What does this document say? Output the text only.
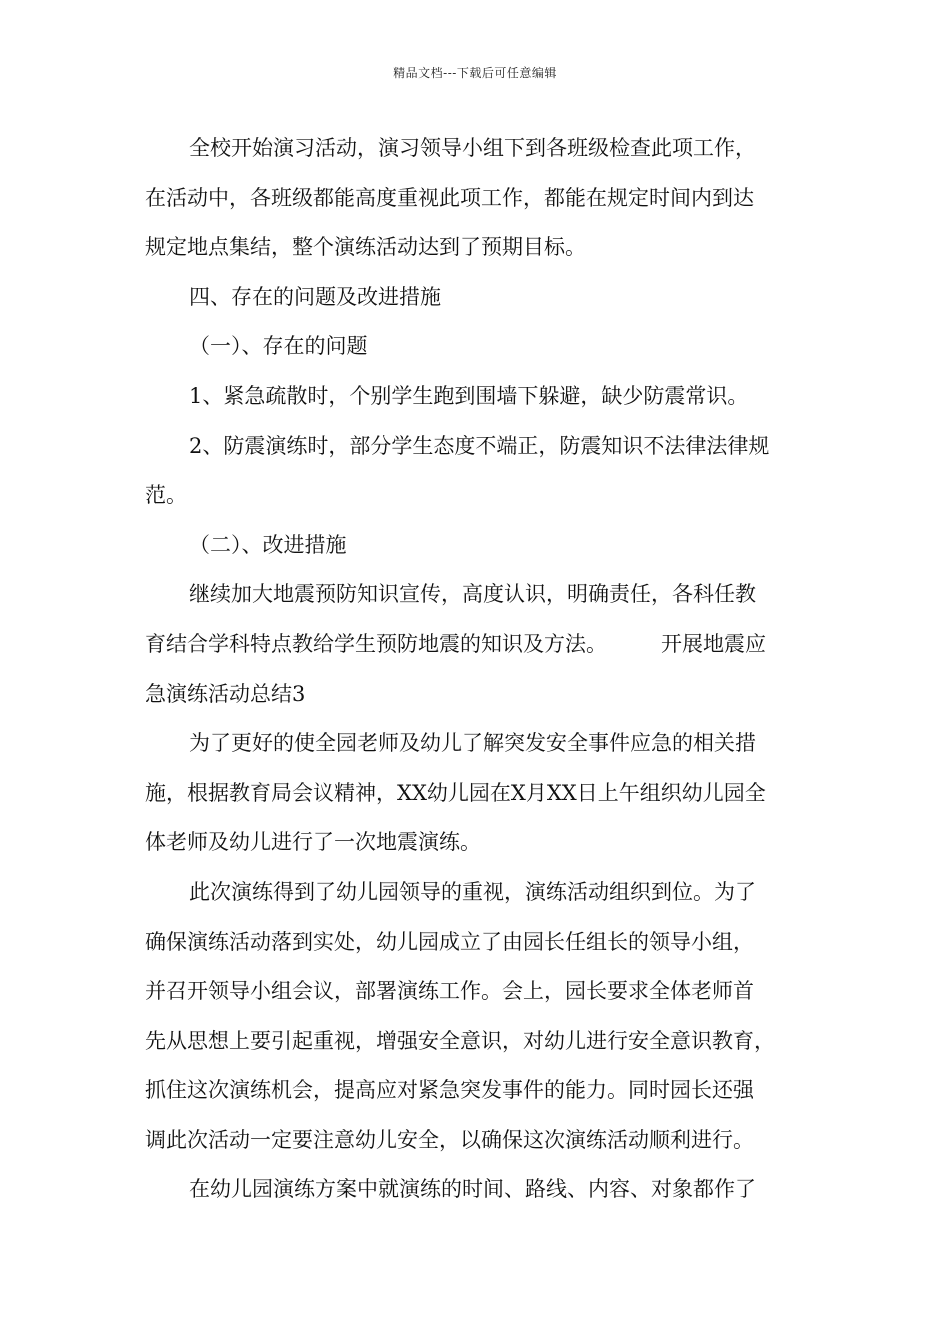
精品文档---下载后可任意编辑
全校开始演习活动，演习领导小组下到各班级检查此项工作，
在活动中，各班级都能高度重视此项工作，都能在规定时间内到达
规定地点集结，整个演练活动达到了预期目标。
四、存在的问题及改进措施
（一）、存在的问题
1、紧急疏散时，个别学生跑到围墙下躲避，缺少防震常识。
2、防震演练时，部分学生态度不端正，防震知识不法律法律规
范。
（二）、改进措施
继续加大地震预防知识宣传，高度认识，明确责任，各科任教
育结合学科特点教给学生预防地震的知识及方法。	开展地震应
急演练活动总结3
为了更好的使全园老师及幼儿了解突发安全事件应急的相关措
施，根据教育局会议精神，XX幼儿园在X月XX日上午组织幼儿园全
体老师及幼儿进行了一次地震演练。
此次演练得到了幼儿园领导的重视，演练活动组织到位。为了
确保演练活动落到实处，幼儿园成立了由园长任组长的领导小组，
并召开领导小组会议，部署演练工作。会上，园长要求全体老师首
先从思想上要引起重视，增强安全意识，对幼儿进行安全意识教育，
抓住这次演练机会，提高应对紧急突发事件的能力。同时园长还强
调此次活动一定要注意幼儿安全，以确保这次演练活动顺利进行。
在幼儿园演练方案中就演练的时间、路线、内容、对象都作了
